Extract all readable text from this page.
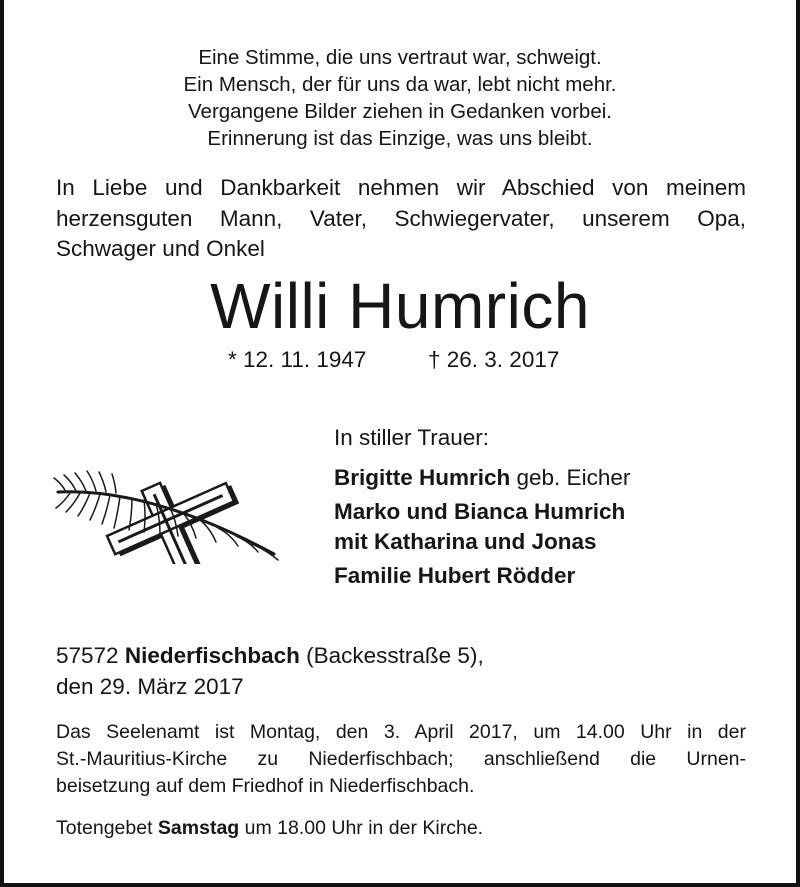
Eine Stimme, die uns vertraut war, schweigt.
Ein Mensch, der für uns da war, lebt nicht mehr.
Vergangene Bilder ziehen in Gedanken vorbei.
Erinnerung ist das Einzige, was uns bleibt.
In Liebe und Dankbarkeit nehmen wir Abschied von meinem
herzensguten Mann, Vater, Schwiegervater, unserem Opa,
Schwager und Onkel
Willi Humrich
* 12. 11. 1947	† 26. 3. 2017
In stiller Trauer:
Brigitte Humrich geb. Eicher
Marko und Bianca Humrich
mit Katharina und Jonas
Familie Hubert Rödder
57572 Niederfischbach (Backesstraße 5),
den 29. März 2017
Das Seelenamt ist Montag, den 3. April 2017, um 14.00 Uhr in der
St.-Mauritius-Kirche zu Niederfischbach; anschließend die Urnen-
beisetzung auf dem Friedhof in Niederfischbach.
Totengebet Samstag um 18.00 Uhr in der Kirche.
